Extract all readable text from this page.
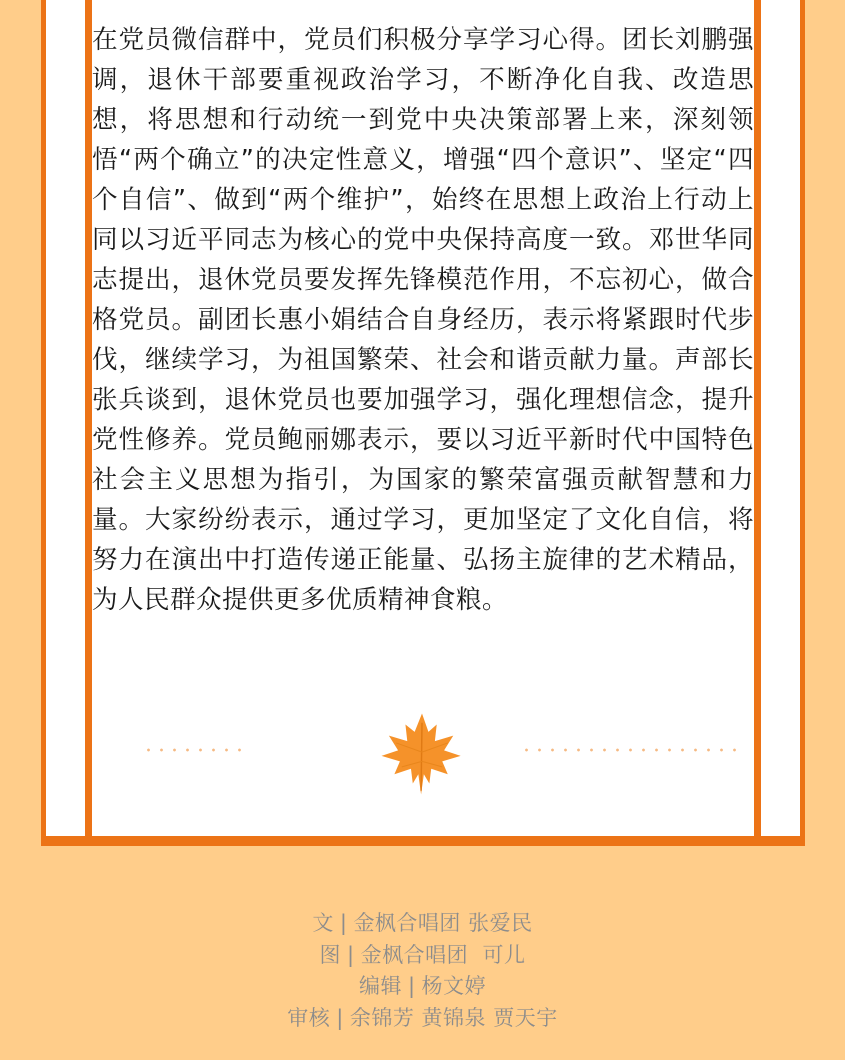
在党员微信群中，党员们积极分享学习心得。团长刘鹏强调，退休干部要重视政治学习，不断净化自我、改造思想，将思想和行动统一到党中央决策部署上来，深刻领悟“两个确立”的决定性意义，增强“四个意识”、坚定“四个自信”、做到“两个维护”，始终在思想上政治上行动上同以习近平同志为核心的党中央保持高度一致。邓世华同志提出，退休党员要发挥先锋模范作用，不忘初心，做合格党员。副团长惠小娟结合自身经历，表示将紧跟时代步伐，继续学习，为祖国繁荣、社会和谐贡献力量。声部长张兵谈到，退休党员也要加强学习，强化理想信念，提升党性修养。党员鲍丽娜表示，要以习近平新时代中国特色社会主义思想为指引，为国家的繁荣富强贡献智慧和力量。大家纷纷表示，通过学习，更加坚定了文化自信，将努力在演出中打造传递正能量、弘扬主旋律的艺术精品，为人民群众提供更多优质精神食粮。

文 | 金枫合唱团 张爱民
图 | 金枫合唱团  可儿
编辑 | 杨文婷
审核 | 余锦芳 黄锦泉 贾天宇
